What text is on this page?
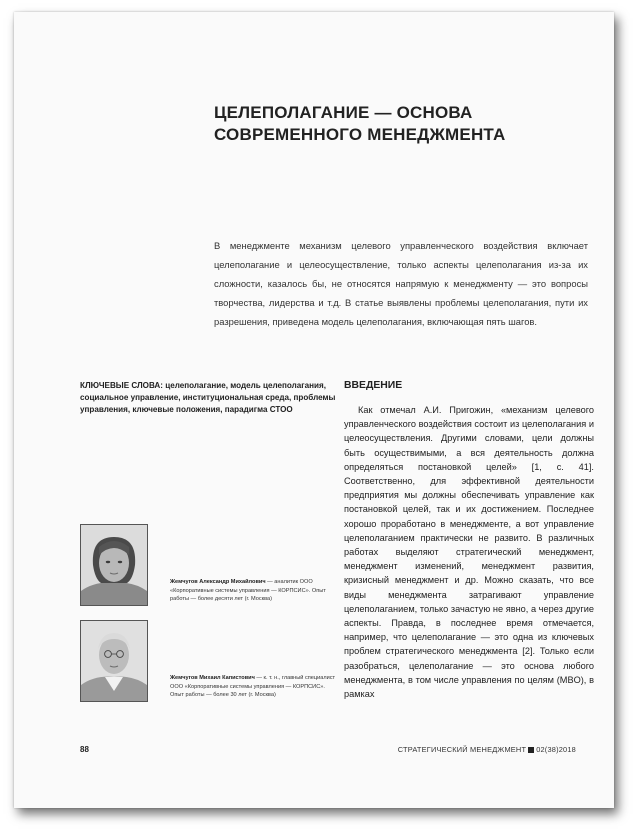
ЦЕЛЕПОЛАГАНИЕ — ОСНОВА
СОВРЕМЕННОГО МЕНЕДЖМЕНТА

В менеджменте механизм целевого управленческого воздействия включает целеполагание и целеосуществление, только аспекты целеполагания из-за их сложности, казалось бы, не относятся напрямую к менеджменту — это вопросы творчества, лидерства и т.д. В статье выявлены проблемы целеполагания, пути их разрешения, приведена модель целеполагания, включающая пять шагов.

КЛЮЧЕВЫЕ СЛОВА: целеполагание, модель целеполагания, социальное управление, институциональная среда, проблемы управления, ключевые положения, парадигма СТОО
ВВЕДЕНИЕ

Как отмечал А.И. Пригожин, «механизм целевого управленческого воздействия состоит из целеполагания и целеосуществления. Другими словами, цели должны быть осуществимыми, а вся деятельность должна определяться постановкой целей» [1, с. 41]. Соответственно, для эффективной деятельности предприятия мы должны обеспечивать управление как постановкой целей, так и их достижением. Последнее хорошо проработано в менеджменте, а вот управление целеполаганием практически не развито. В различных работах выделяют стратегический менеджмент, менеджмент изменений, менеджмент развития, кризисный менеджмент и др. Можно сказать, что все виды менеджмента затрагивают управление целеполаганием, только зачастую не явно, а через другие аспекты. Правда, в последнее время отмечается, например, что целеполагание — это одна из ключевых проблем стратегического менеджмента [2]. Только если разобраться, целеполагание — это основа любого менеджмента, в том числе управления по целям (MBO), в рамках

Жемчугов Александр Михайлович — аналитик ООО «Корпоративные системы управления — КОРПСИС». Опыт работы — более десяти лет (г. Москва)
Жемчугов Михаил Капистович — к. т. н., главный специалист ООО «Корпоративные системы управления — КОРПСИС». Опыт работы — более 30 лет (г. Москва)
88	СТРАТЕГИЧЕСКИЙ МЕНЕДЖМЕНТ 02(38)2018
